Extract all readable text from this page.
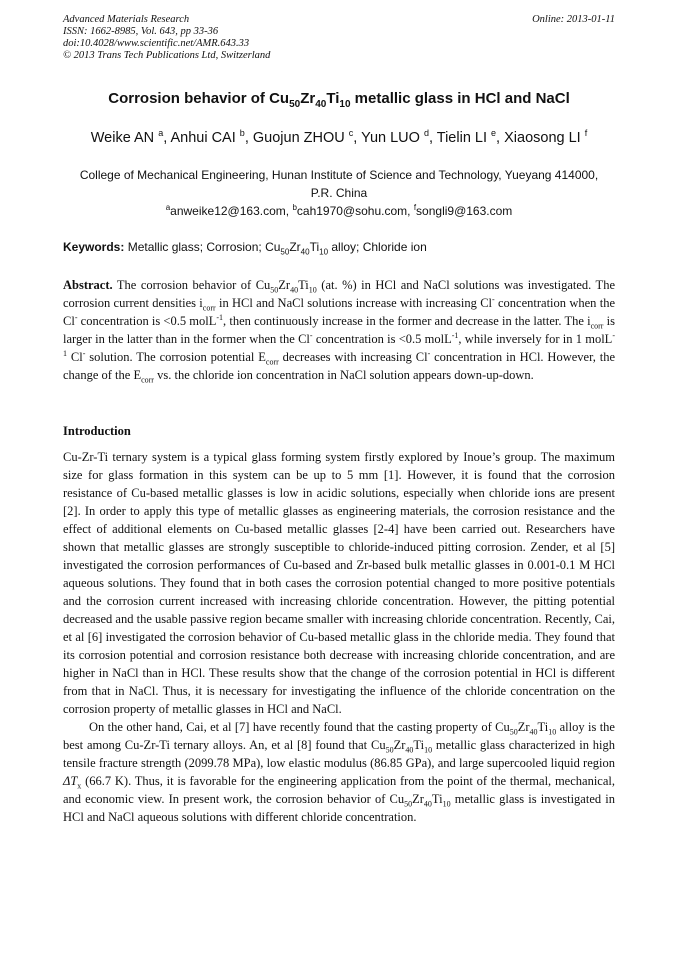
Advanced Materials Research
ISSN: 1662-8985, Vol. 643, pp 33-36
doi:10.4028/www.scientific.net/AMR.643.33
© 2013 Trans Tech Publications Ltd, Switzerland
Online: 2013-01-11
Corrosion behavior of $Cu_{50}Zr_{40}Ti_{10}$ metallic glass in HCl and NaCl
Weike AN $^a$, Anhui CAI $^b$, Guojun ZHOU $^c$, Yun LUO $^d$, Tielin LI $^e$, Xiaosong LI $^f$
College of Mechanical Engineering, Hunan Institute of Science and Technology, Yueyang 414000,
P.R. China
$^a$anweike12@163.com, $^b$cah1970@sohu.com, $^f$songli9@163.com
Keywords: Metallic glass; Corrosion; $Cu_{50}Zr_{40}Ti_{10}$ alloy; Chloride ion
Abstract. The corrosion behavior of $Cu_{50}Zr_{40}Ti_{10}$ (at. %) in HCl and NaCl solutions was investigated. The corrosion current densities $i_{corr}$ in HCl and NaCl solutions increase with increasing Cl- concentration when the Cl- concentration is <0.5 molL$^{-1}$, then continuously increase in the former and decrease in the latter. The $i_{corr}$ is larger in the latter than in the former when the Cl- concentration is <0.5 molL$^{-1}$, while inversely for in 1 molL$^{-1}$ Cl- solution. The corrosion potential $E_{corr}$ decreases with increasing Cl- concentration in HCl. However, the change of the $E_{corr}$ vs. the chloride ion concentration in NaCl solution appears down-up-down.
Introduction

Cu-Zr-Ti ternary system is a typical glass forming system firstly explored by Inoue’s group. The maximum size for glass formation in this system can be up to 5 mm [1]. However, it is found that the corrosion resistance of Cu-based metallic glasses is low in acidic solutions, especially when chloride ions are present [2]. In order to apply this type of metallic glasses as engineering materials, the corrosion resistance and the effect of additional elements on Cu-based metallic glasses [2-4] have been carried out. Researchers have shown that metallic glasses are strongly susceptible to chloride-induced pitting corrosion. Zender, et al [5] investigated the corrosion performances of Cu-based and Zr-based bulk metallic glasses in 0.001-0.1 M HCl aqueous solutions. They found that in both cases the corrosion potential changed to more positive potentials and the corrosion current increased with increasing chloride concentration. However, the pitting potential decreased and the usable passive region became smaller with increasing chloride concentration. Recently, Cai, et al [6] investigated the corrosion behavior of Cu-based metallic glass in the chloride media. They found that its corrosion potential and corrosion resistance both decrease with increasing chloride concentration, and are higher in NaCl than in HCl. These results show that the change of the corrosion potential in HCl is different from that in NaCl. Thus, it is necessary for investigating the influence of the chloride concentration on the corrosion property of metallic glasses in HCl and NaCl.

On the other hand, Cai, et al [7] have recently found that the casting property of $Cu_{50}Zr_{40}Ti_{10}$ alloy is the best among Cu-Zr-Ti ternary alloys. An, et al [8] found that $Cu_{50}Zr_{40}Ti_{10}$ metallic glass characterized in high tensile fracture strength (2099.78 MPa), low elastic modulus (86.85 GPa), and large supercooled liquid region $\Delta T_x$ (66.7 K). Thus, it is favorable for the engineering application from the point of the thermal, mechanical, and economic view. In present work, the corrosion behavior of $Cu_{50}Zr_{40}Ti_{10}$ metallic glass is investigated in HCl and NaCl aqueous solutions with different chloride concentration.
